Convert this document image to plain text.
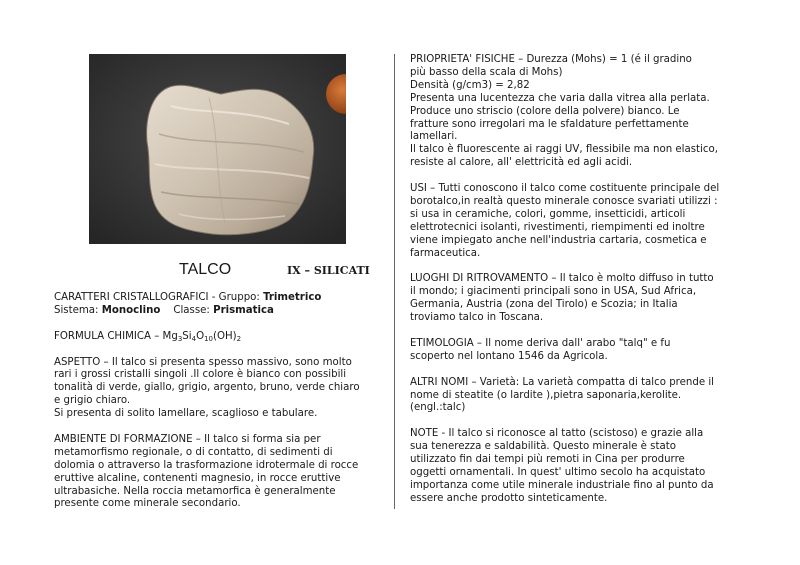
TALCO	IX – SILICATI
CARATTERI CRISTALLOGRAFICI - Gruppo: Trimetrico
Sistema: Monoclino Classe: Prismatica
FORMULA CHIMICA – $Mg_3Si_4O_{10}(OH)_2$
ASPETTO – Il talco si presenta spesso massivo, sono molto
rari i grossi cristalli singoli .Il colore è bianco con possibili
tonalità di verde, giallo, grigio, argento, bruno, verde chiaro
e grigio chiaro.
Si presenta di solito lamellare, scaglioso e tabulare.
AMBIENTE DI FORMAZIONE – Il talco si forma sia per
metamorfismo regionale, o di contatto, di sedimenti di
dolomia o attraverso la trasformazione idrotermale di rocce
eruttive alcaline, contenenti magnesio, in rocce eruttive
ultrabasiche. Nella roccia metamorfica è generalmente
presente come minerale secondario.
PRIOPRIETA' FISICHE – Durezza (Mohs) = 1 (é il gradino
più basso della scala di Mohs)
Densità (g/cm3) = 2,82
Presenta una lucentezza che varia dalla vitrea alla perlata.
Produce uno striscio (colore della polvere) bianco. Le
fratture sono irregolari ma le sfaldature perfettamente
lamellari.
Il talco è fluorescente ai raggi UV, flessibile ma non elastico,
resiste al calore, all' elettricità ed agli acidi.
USI – Tutti conoscono il talco come costituente principale del
borotalco,in realtà questo minerale conosce svariati utilizzi :
si usa in ceramiche, colori, gomme, insetticidi, articoli
elettrotecnici isolanti, rivestimenti, riempimenti ed inoltre
viene impiegato anche nell'industria cartaria, cosmetica e
farmaceutica.
LUOGHI DI RITROVAMENTO – Il talco è molto diffuso in tutto
il mondo; i giacimenti principali sono in USA, Sud Africa,
Germania, Austria (zona del Tirolo) e Scozia; in Italia
troviamo talco in Toscana.
ETIMOLOGIA – Il nome deriva dall' arabo "talq" e fu
scoperto nel lontano 1546 da Agricola.
ALTRI NOMI – Varietà: La varietà compatta di talco prende il
nome di steatite (o lardite ),pietra saponaria,kerolite.
(engl.:talc)
NOTE - Il talco si riconosce al tatto (scistoso) e grazie alla
sua tenerezza e saldabilità. Questo minerale è stato
utilizzato fin dai tempi più remoti in Cina per produrre
oggetti ornamentali. In quest' ultimo secolo ha acquistato
importanza come utile minerale industriale fino al punto da
essere anche prodotto sinteticamente.
